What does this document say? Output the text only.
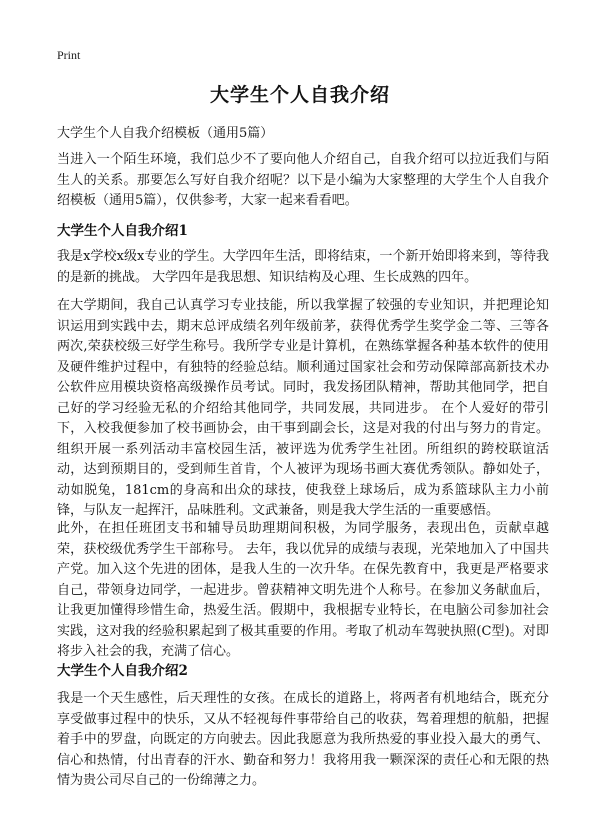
Print
大学生个人自我介绍

大学生个人自我介绍模板（通用5篇）

当进入一个陌生环境，我们总少不了要向他人介绍自己，自我介绍可以拉近我们与陌生人的关系。那要怎么写好自我介绍呢？以下是小编为大家整理的大学生个人自我介绍模板（通用5篇），仅供参考，大家一起来看看吧。

大学生个人自我介绍1

我是x学校x级x专业的学生。大学四年生活，即将结束，一个新开始即将来到，等待我的是新的挑战。 大学四年是我思想、知识结构及心理、生长成熟的四年。

在大学期间，我自己认真学习专业技能，所以我掌握了较强的专业知识，并把理论知识运用到实践中去，期末总评成绩名列年级前茅，获得优秀学生奖学金二等、三等各两次,荣获校级三好学生称号。我所学专业是计算机，在熟练掌握各种基本软件的使用及硬件维护过程中，有独特的经验总结。顺利通过国家社会和劳动保障部高新技术办公软件应用模块资格高级操作员考试。同时，我发扬团队精神，帮助其他同学，把自己好的学习经验无私的介绍给其他同学，共同发展，共同进步。 在个人爱好的带引下，入校我便参加了校书画协会，由干事到副会长，这是对我的付出与努力的肯定。组织开展一系列活动丰富校园生活，被评选为优秀学生社团。所组织的跨校联谊活动，达到预期目的，受到师生首肯，个人被评为现场书画大赛优秀领队。静如处子，动如脱兔，181cm的身高和出众的球技，使我登上球场后，成为系篮球队主力小前锋，与队友一起挥汗，品味胜利。文武兼备，则是我大学生活的一重要感悟。

此外，在担任班团支书和辅导员助理期间积极，为同学服务，表现出色，贡献卓越荣，获校级优秀学生干部称号。 去年，我以优异的成绩与表现，光荣地加入了中国共产党。加入这个先进的团体，是我人生的一次升华。在保先教育中，我更是严格要求自己，带领身边同学，一起进步。曾获精神文明先进个人称号。在参加义务献血后，让我更加懂得珍惜生命，热爱生活。假期中，我根据专业特长，在电脑公司参加社会实践，这对我的经验积累起到了极其重要的作用。考取了机动车驾驶执照(C型)。对即将步入社会的我，充满了信心。

大学生个人自我介绍2

我是一个天生感性，后天理性的女孩。在成长的道路上，将两者有机地结合，既充分享受做事过程中的快乐，又从不轻视每件事带给自己的收获，驾着理想的航船，把握着手中的罗盘，向既定的方向驶去。因此我愿意为我所热爱的事业投入最大的勇气、信心和热情，付出青春的汗水、勤奋和努力！我将用我一颗深深的责任心和无限的热情为贵公司尽自己的一份绵薄之力。
